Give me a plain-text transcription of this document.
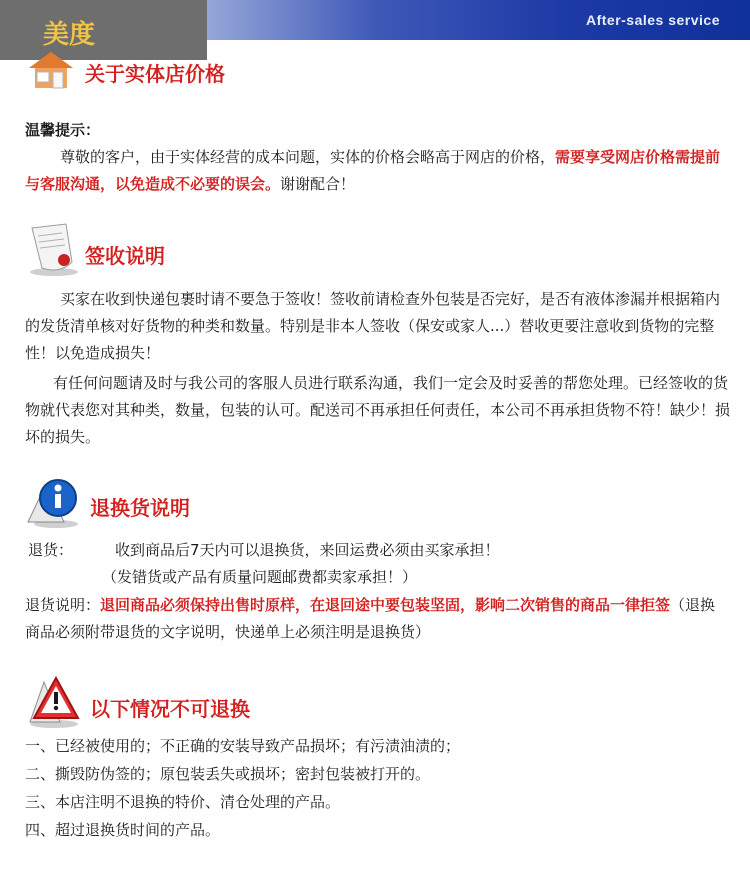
After-sales service
美度
关于实体店价格
温馨提示：
尊敬的客户，由于实体经营的成本问题，实体的价格会略高于网店的价格，需要享受网店价格需提前与客服沟通，以免造成不必要的误会。谢谢配合！
签收说明
买家在收到快递包裹时请不要急于签收！签收前请检查外包装是否完好，是否有液体渗漏并根据箱内的发货清单核对好货物的种类和数量。特别是非本人签收（保安或家人...）替收更要注意收到货物的完整性！以免造成损失！
有任何问题请及时与我公司的客服人员进行联系沟通，我们一定会及时妥善的帮您处理。已经签收的货物就代表您对其种类，数量，包装的认可。配送司不再承担任何责任，本公司不再承担货物不符！缺少！损坏的损失。
退换货说明
退货：	收到商品后7天内可以退换货，来回运费必须由买家承担！
（发错货或产品有质量问题邮费都卖家承担！）
退货说明：退回商品必须保持出售时原样，在退回途中要包装坚固，影响二次销售的商品一律拒签（退换商品必须附带退货的文字说明，快递单上必须注明是退换货）
以下情况不可退换
一、已经被使用的；不正确的安装导致产品损坏；有污渍油渍的；
二、撕毁防伪签的；原包装丢失或损坏；密封包装被打开的。
三、本店注明不退换的特价、清仓处理的产品。
四、超过退换货时间的产品。
